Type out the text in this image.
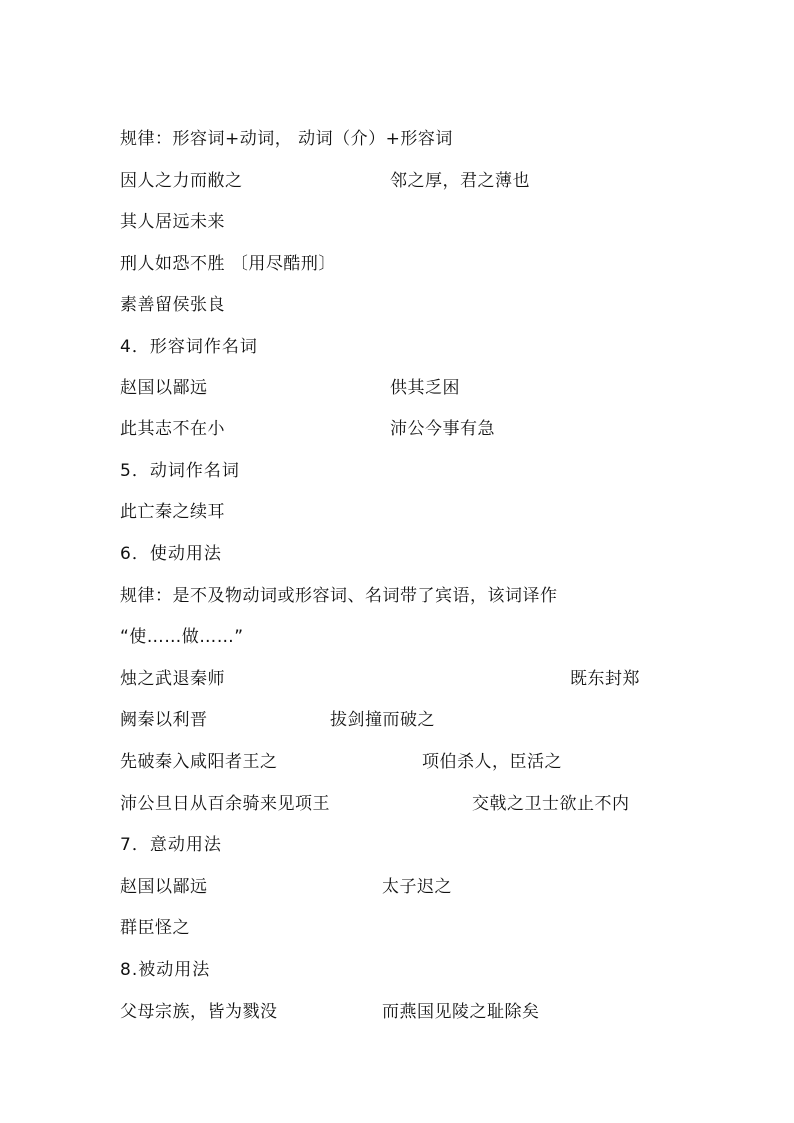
规律：形容词+动词， 动词（介）+形容词
因人之力而敝之	邻之厚，君之薄也
其人居远未来
刑人如恐不胜 〔用尽酷刑〕
素善留侯张良
4．形容词作名词
赵国以鄙远	供其乏困
此其志不在小	沛公今事有急
5．动词作名词
此亡秦之续耳
6．使动用法
规律：是不及物动词或形容词、名词带了宾语，该词译作
“使……做……”
烛之武退秦师	既东封郑
阙秦以利晋	拔剑撞而破之
先破秦入咸阳者王之	项伯杀人，臣活之
沛公旦日从百余骑来见项王	交戟之卫士欲止不内
7．意动用法
赵国以鄙远	太子迟之
群臣怪之
8.被动用法
父母宗族，皆为戮没	而燕国见陵之耻除矣
